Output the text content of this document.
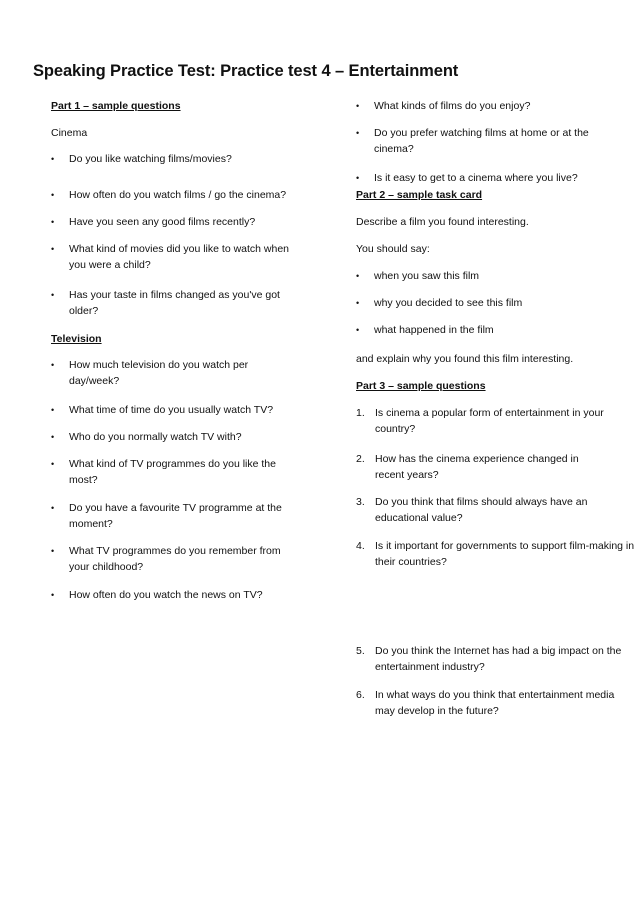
Speaking Practice Test: Practice test 4 – Entertainment
Part 1 – sample questions
Cinema
•	Do you like watching films/movies?
•	How often do you watch films / go the cinema?
•	Have you seen any good films recently?
•	What kind of movies did you like to watch when you were a child?
•	Has your taste in films changed as you've got older?
Television
•	How much television do you watch per day/week?
•	What time of time do you usually watch TV?
•	Who do you normally watch TV with?
•	What kind of TV programmes do you like the most?
•	Do you have a favourite TV programme at the moment?
•	What TV programmes do you remember from your childhood?
•	How often do you watch the news on TV?
•	What kinds of films do you enjoy?
•	Do you prefer watching films at home or at the cinema?
•	Is it easy to get to a cinema where you live?
Part 2 – sample task card
Describe a film you found interesting.
You should say:
•	when you saw this film
•	why you decided to see this film
•	what happened in the film
and explain why you found this film interesting.
Part 3 – sample questions
1. Is cinema a popular form of entertainment in your country?
2. How has the cinema experience changed in recent years?
3. Do you think that films should always have an educational value?
4. Is it important for governments to support film-making in their countries?
5. Do you think the Internet has had a big impact on the entertainment industry?
6. In what ways do you think that entertainment media may develop in the future?
